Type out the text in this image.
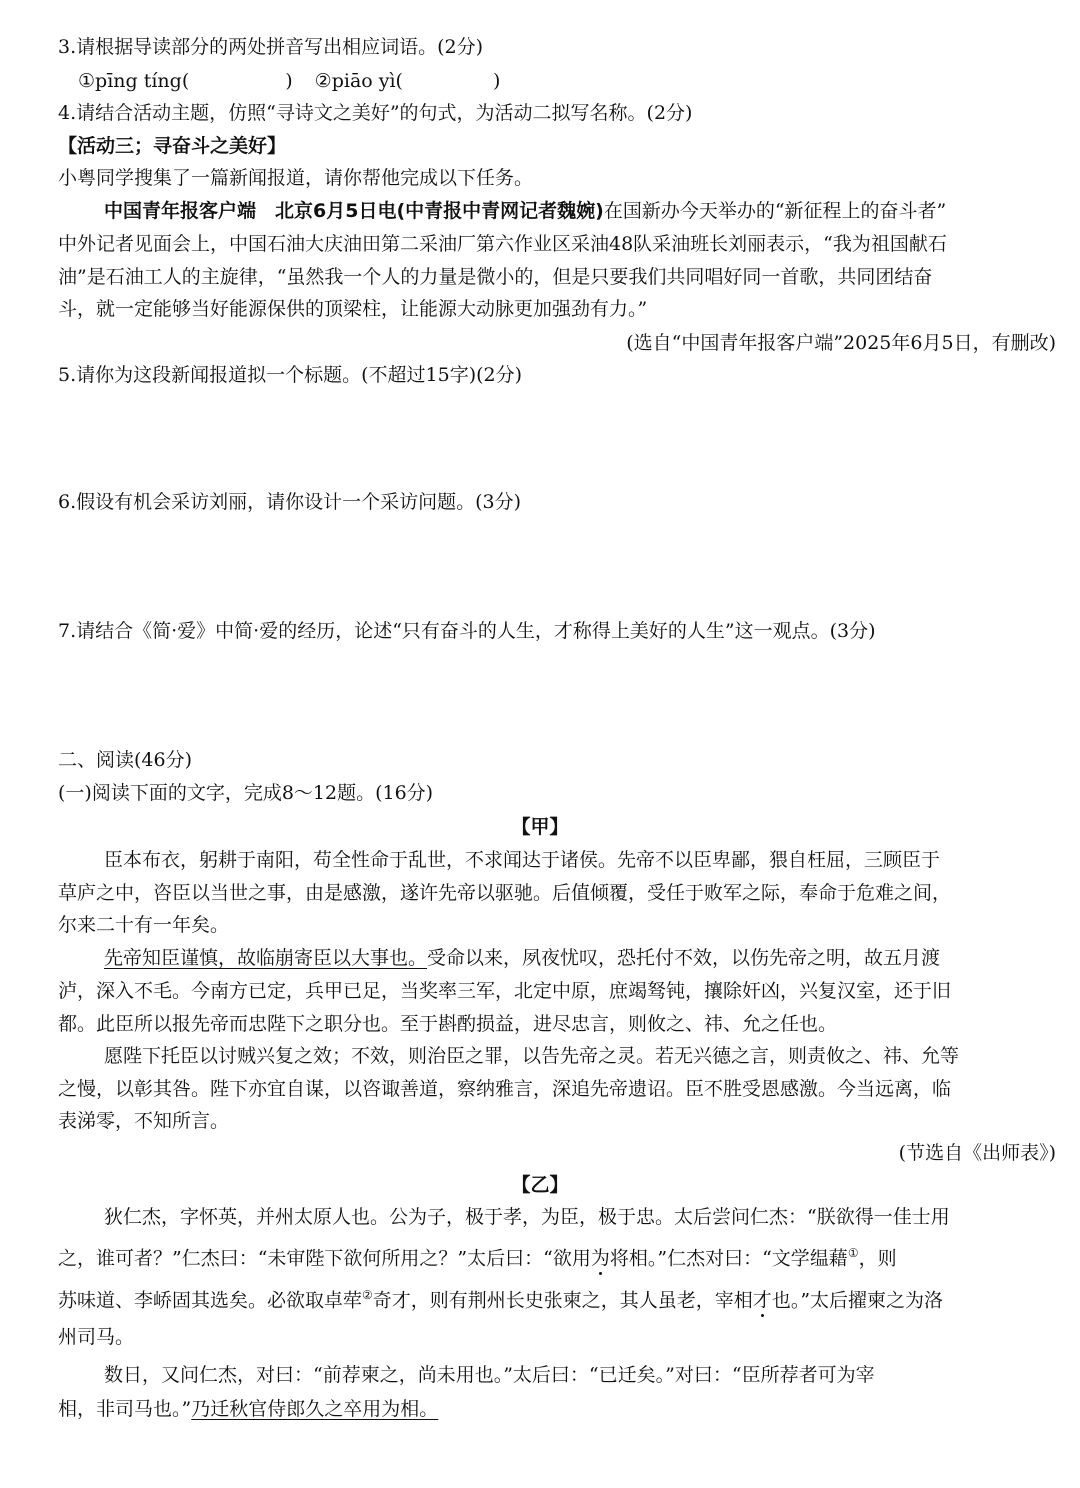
3.请根据导读部分的两处拼音写出相应词语。(2分)
①pīng tíng(	) ②piāo yì(	)
4.请结合活动主题，仿照“寻诗文之美好”的句式，为活动二拟写名称。(2分)
【活动三；寻奋斗之美好】
小粤同学搜集了一篇新闻报道，请你帮他完成以下任务。
中国青年报客户端　北京6月5日电(中青报中青网记者魏婉)在国新办今天举办的“新征程上的奋斗者”
中外记者见面会上，中国石油大庆油田第二采油厂第六作业区采油48队采油班长刘丽表示，“我为祖国献石
油”是石油工人的主旋律，“虽然我一个人的力量是微小的，但是只要我们共同唱好同一首歌，共同团结奋
斗，就一定能够当好能源保供的顶梁柱，让能源大动脉更加强劲有力。”
(选自“中国青年报客户端”2025年6月5日，有删改)
5.请你为这段新闻报道拟一个标题。(不超过15字)(2分)
6.假设有机会采访刘丽，请你设计一个采访问题。(3分)
7.请结合《简·爱》中简·爱的经历，论述“只有奋斗的人生，才称得上美好的人生”这一观点。(3分)
二、阅读(46分)
(一)阅读下面的文字，完成8～12题。(16分)
【甲】
臣本布衣，躬耕于南阳，苟全性命于乱世，不求闻达于诸侯。先帝不以臣卑鄙，猥自枉屈，三顾臣于
草庐之中，咨臣以当世之事，由是感激，遂许先帝以驱驰。后值倾覆，受任于败军之际，奉命于危难之间，
尔来二十有一年矣。
先帝知臣谨慎，故临崩寄臣以大事也。受命以来，夙夜忧叹，恐托付不效，以伤先帝之明，故五月渡
泸，深入不毛。今南方已定，兵甲已足，当奖率三军，北定中原，庶竭驽钝，攘除奸凶，兴复汉室，还于旧
都。此臣所以报先帝而忠陛下之职分也。至于斟酌损益，进尽忠言，则攸之、祎、允之任也。
愿陛下托臣以讨贼兴复之效；不效，则治臣之罪，以告先帝之灵。若无兴德之言，则责攸之、祎、允等
之慢，以彰其咎。陛下亦宜自谋，以咨诹善道，察纳雅言，深追先帝遗诏。臣不胜受恩感激。今当远离，临
表涕零，不知所言。
(节选自《出师表》)
【乙】
狄仁杰，字怀英，并州太原人也。公为子，极于孝，为臣，极于忠。太后尝问仁杰：“朕欲得一佳士用
之，谁可者？”仁杰曰：“未审陛下欲何所用之？”太后曰：“欲用为将相。”仁杰对曰：“文学缊藉①，则
苏味道、李峤固其选矣。必欲取卓荦②奇才，则有荆州长史张柬之，其人虽老，宰相才也。”太后擢柬之为洛
州司马。
数日，又问仁杰，对曰：“前荐柬之，尚未用也。”太后曰：“已迁矣。”对曰：“臣所荐者可为宰
相，非司马也。”乃迁秋官侍郎久之卒用为相。
